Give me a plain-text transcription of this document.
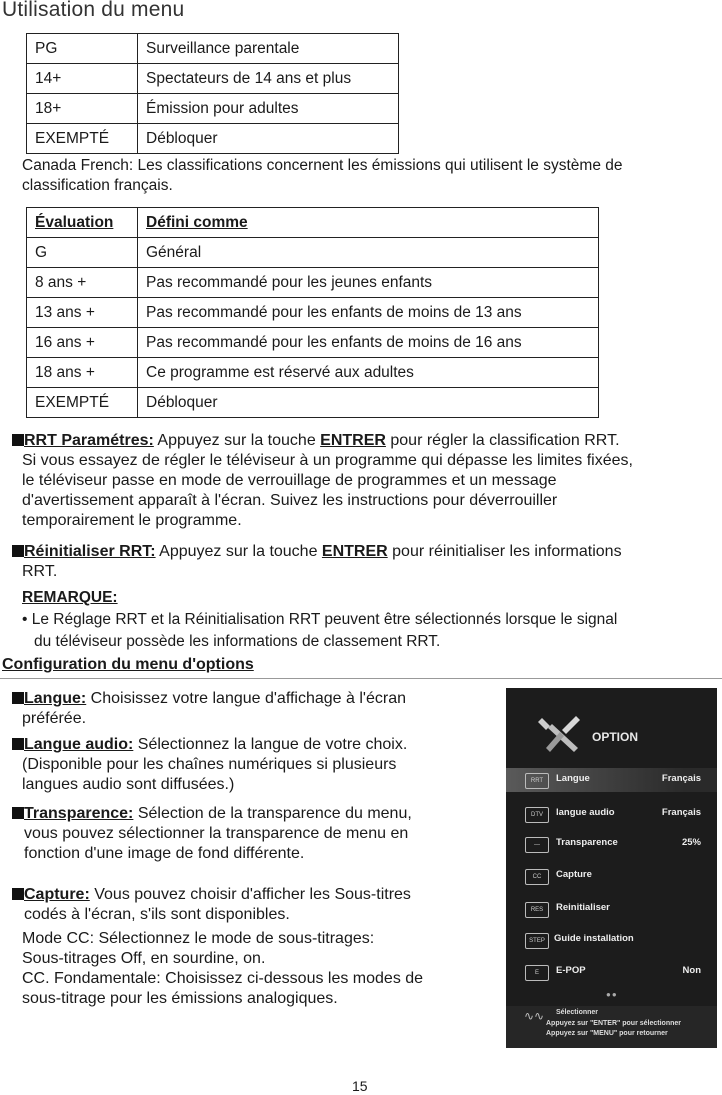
Utilisation du menu
PG	Surveillance parentale
14+	Spectateurs de 14 ans et plus
18+	Émission pour adultes
EXEMPTÉ	Débloquer
Canada French: Les classifications concernent les émissions qui utilisent le système de
classification français.
Évaluation	Défini comme
G	Général
8 ans +	Pas recommandé pour les jeunes enfants
13 ans +	Pas recommandé pour les enfants de moins de 13 ans
16 ans +	Pas recommandé pour les enfants de moins de 16 ans
18 ans +	Ce programme est réservé aux adultes
EXEMPTÉ	Débloquer
RRT Paramétres: Appuyez sur la touche ENTRER pour régler la classification RRT.
Si vous essayez de régler le téléviseur à un programme qui dépasse les limites fixées,
le téléviseur passe en mode de verrouillage de programmes et un message
d'avertissement apparaît à l'écran. Suivez les instructions pour déverrouiller
temporairement le programme.
Réinitialiser RRT: Appuyez sur la touche ENTRER pour réinitialiser les informations
RRT.
REMARQUE:
• Le Réglage RRT et la Réinitialisation RRT peuvent être sélectionnés lorsque le signal
du téléviseur possède les informations de classement RRT.
Configuration du menu d'options
Langue: Choisissez votre langue d'affichage à l'écran
préférée.
Langue audio: Sélectionnez la langue de votre choix.
(Disponible pour les chaînes numériques si plusieurs
langues audio sont diffusées.)
Transparence: Sélection de la transparence du menu,
vous pouvez sélectionner la transparence de menu en
fonction d'une image de fond différente.
Capture: Vous pouvez choisir d'afficher les Sous-titres
codés à l'écran, s'ils sont disponibles.
Mode CC: Sélectionnez le mode de sous-titrages:
Sous-titrages Off, en sourdine, on.
CC. Fondamentale: Choisissez ci-dessous les modes de
sous-titrage pour les émissions analogiques.
OPTION
RRT	Langue	Français
DTV	langue audio	Français
—	Transparence	25%
CC	Capture
RES	Reinitialiser
STEP Guide installation
E	E-POP	Non
●●
∿∿ Sélectionner
Appuyez sur "ENTER" pour sélectionner
Appuyez sur "MENU" pour retourner
15
